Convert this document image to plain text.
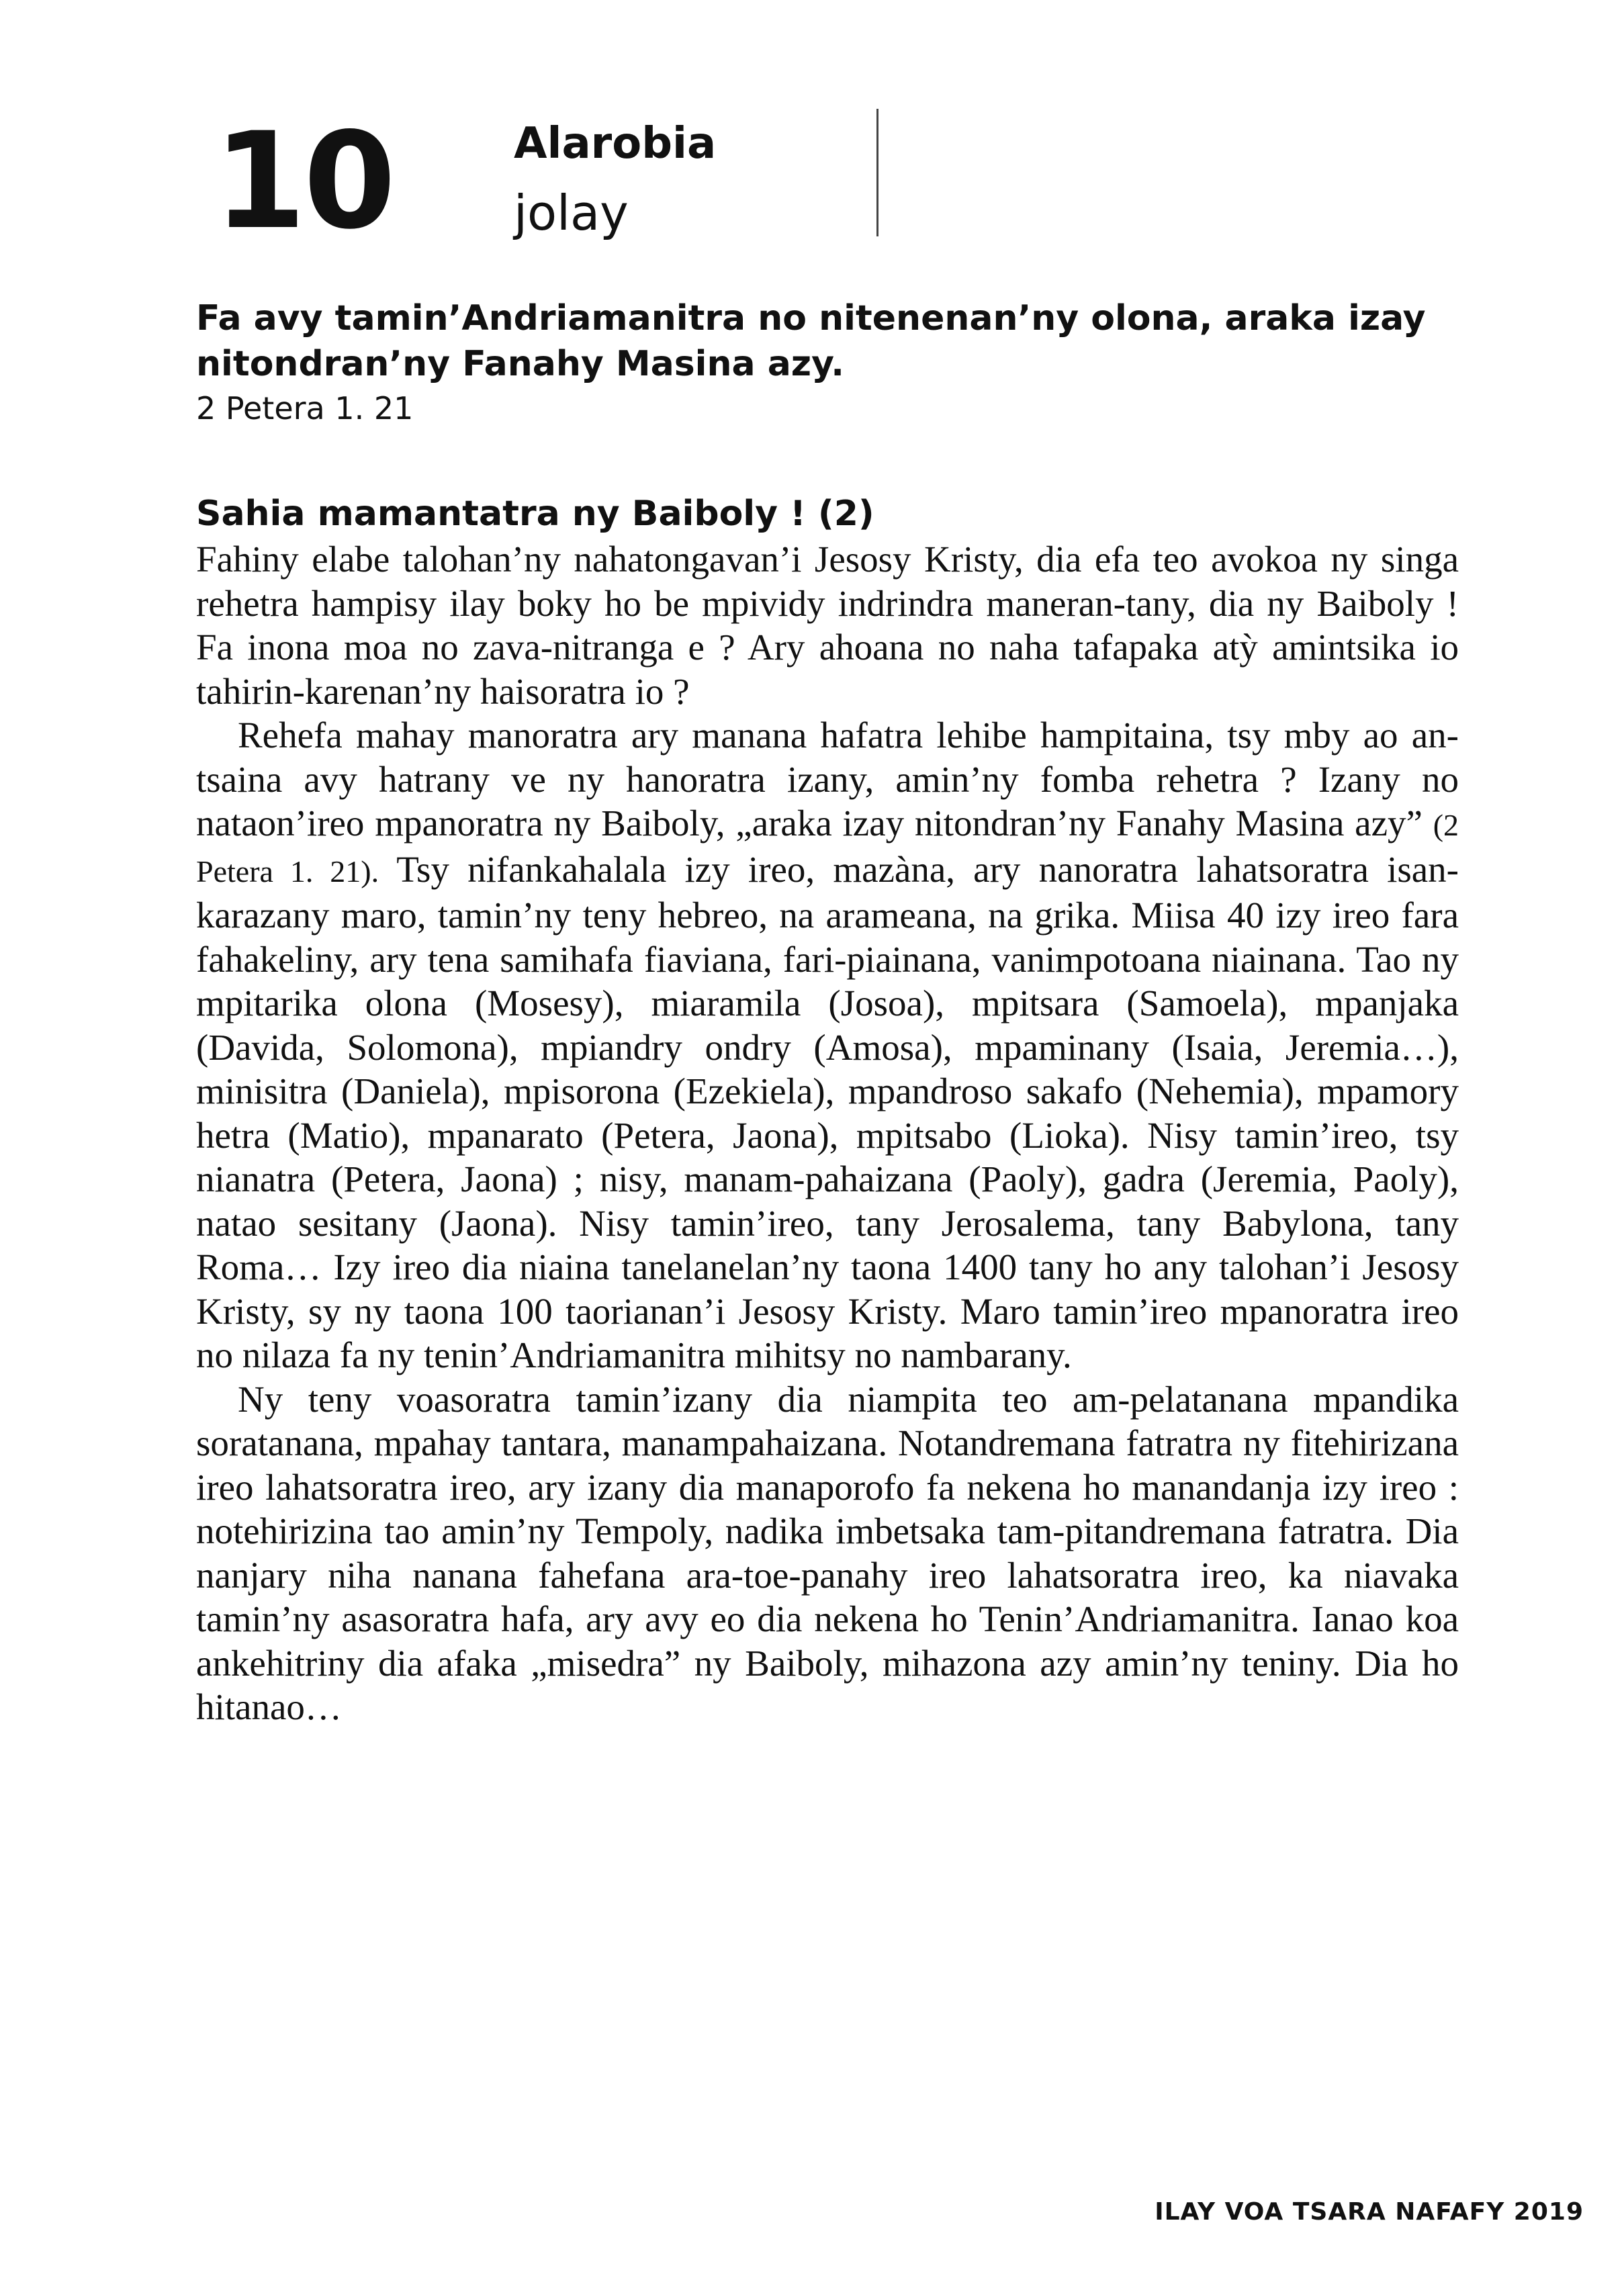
10	Alarobia
jolay

Fa avy tamin’Andriamanitra no nitenenan’ny olona, araka izay nitondran’ny Fanahy Masina azy.

2 Petera 1. 21

Sahia mamantatra ny Baiboly ! (2)

Fahiny elabe talohan’ny nahatongavan’i Jesosy Kristy, dia efa teo avokoa ny singa rehetra hampisy ilay boky ho be mpividy indrindra maneran-tany, dia ny Baiboly ! Fa inona moa no zava-nitranga e ? Ary ahoana no naha tafapaka atỳ amintsika io tahirin-karenan’ny haisoratra io ?

Rehefa mahay manoratra ary manana hafatra lehibe hampitaina, tsy mby ao an-tsaina avy hatrany ve ny hanoratra izany, amin’ny fomba rehetra ? Izany no nataon’ireo mpanoratra ny Baiboly, „araka izay nitondran’ny Fanahy Masina azy” (2 Petera 1. 21). Tsy nifankahalala izy ireo, mazàna, ary nanoratra lahatsoratra isan-karazany maro, tamin’ny teny hebreo, na arameana, na grika. Miisa 40 izy ireo fara fahakeliny, ary tena samihafa fiaviana, fari-piainana, vanimpotoana niainana. Tao ny mpitarika olona (Mosesy), miaramila (Josoa), mpitsara (Samoela), mpanjaka (Davida, Solomona), mpiandry ondry (Amosa), mpaminany (Isaia, Jeremia…), minisitra (Daniela), mpisorona (Ezekiela), mpandroso sakafo (Nehemia), mpamory hetra (Matio), mpanarato (Petera, Jaona), mpitsabo (Lioka). Nisy tamin’ireo, tsy nianatra (Petera, Jaona) ; nisy, manam-pahaizana (Paoly), gadra (Jeremia, Paoly), natao sesitany (Jaona). Nisy tamin’ireo, tany Jerosalema, tany Babylona, tany Roma… Izy ireo dia niaina tanelanelan’ny taona 1400 tany ho any talohan’i Jesosy Kristy, sy ny taona 100 taorianan’i Jesosy Kristy. Maro tamin’ireo mpanoratra ireo no nilaza fa ny tenin’Andriamanitra mihitsy no nambarany.

Ny teny voasoratra tamin’izany dia niampita teo am-pelatanana mpandika soratanana, mpahay tantara, manampahaizana. Notandremana fatratra ny fitehirizana ireo lahatsoratra ireo, ary izany dia manaporofo fa nekena ho manandanja izy ireo : notehirizina tao amin’ny Tempoly, nadika imbetsaka tam-pitandremana fatratra. Dia nanjary niha nanana fahefana ara-toe-panahy ireo lahatsoratra ireo, ka niavaka tamin’ny asasoratra hafa, ary avy eo dia nekena ho Tenin’Andriamanitra. Ianao koa ankehitriny dia afaka „misedra” ny Baiboly, mihazona azy amin’ny teniny. Dia ho hitanao…

ILAY VOA TSARA NAFAFY 2019
